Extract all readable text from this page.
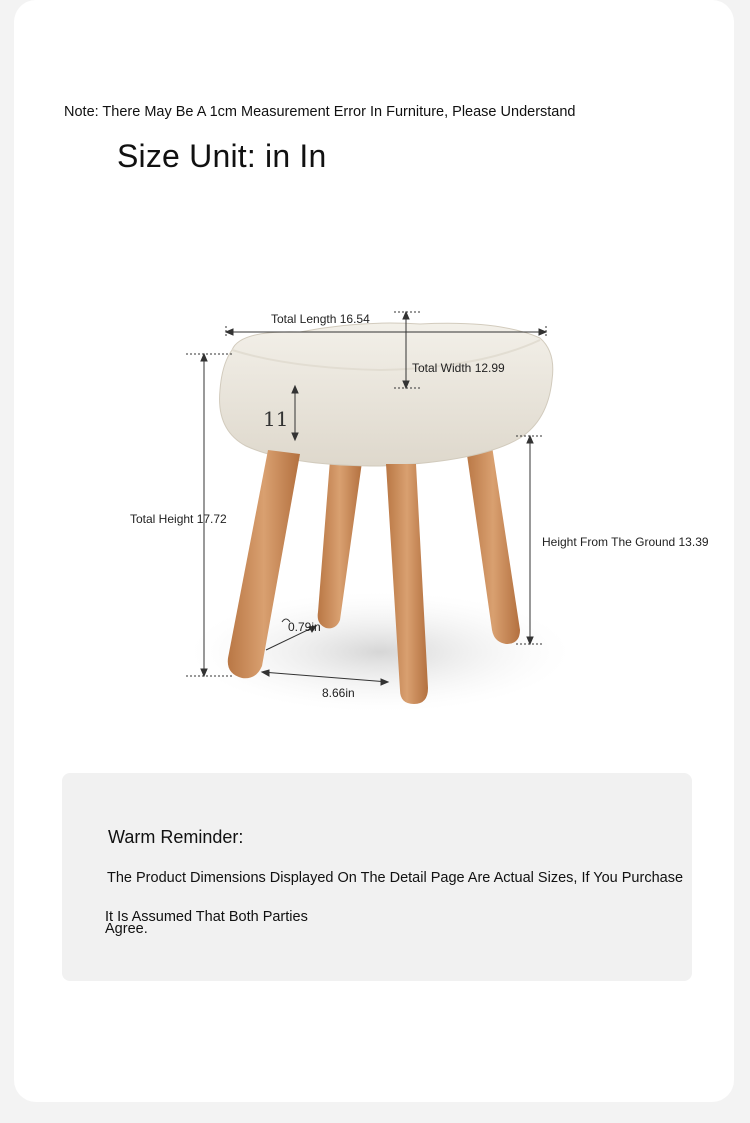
Note: There May Be A 1cm Measurement Error In Furniture, Please Understand
Size Unit: in In
Total Length 16.54
Total Width 12.99
11
Total Height 17.72
Height From The Ground 13.39
0.79in
8.66in
Warm Reminder:
The Product Dimensions Displayed On The Detail Page Are Actual Sizes, If You Purchase
It Is Assumed That Both Parties
Agree.
